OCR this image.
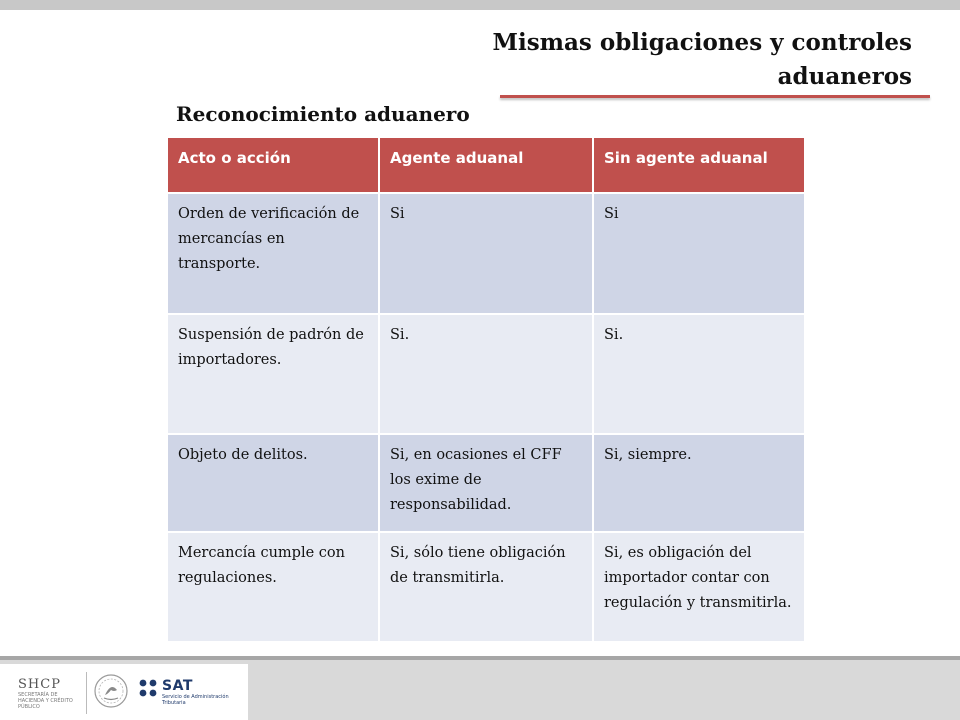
Mismas obligaciones y controles
aduaneros
Reconocimiento aduanero
Acto o acción	Agente aduanal	Sin agente aduanal
Orden de verificación de mercancías en transporte.	Si	Si
Suspensión de padrón de importadores.	Si.	Si.
Objeto de delitos.	Si, en ocasiones el CFF los exime de responsabilidad.	Si, siempre.
Mercancía cumple con regulaciones.	Si, sólo tiene obligación de transmitirla.	Si, es obligación del importador contar con regulación y transmitirla.
SHCP
SECRETARÍA DE HACIENDA Y CRÉDITO PÚBLICO
SAT
Servicio de Administración Tributaria
